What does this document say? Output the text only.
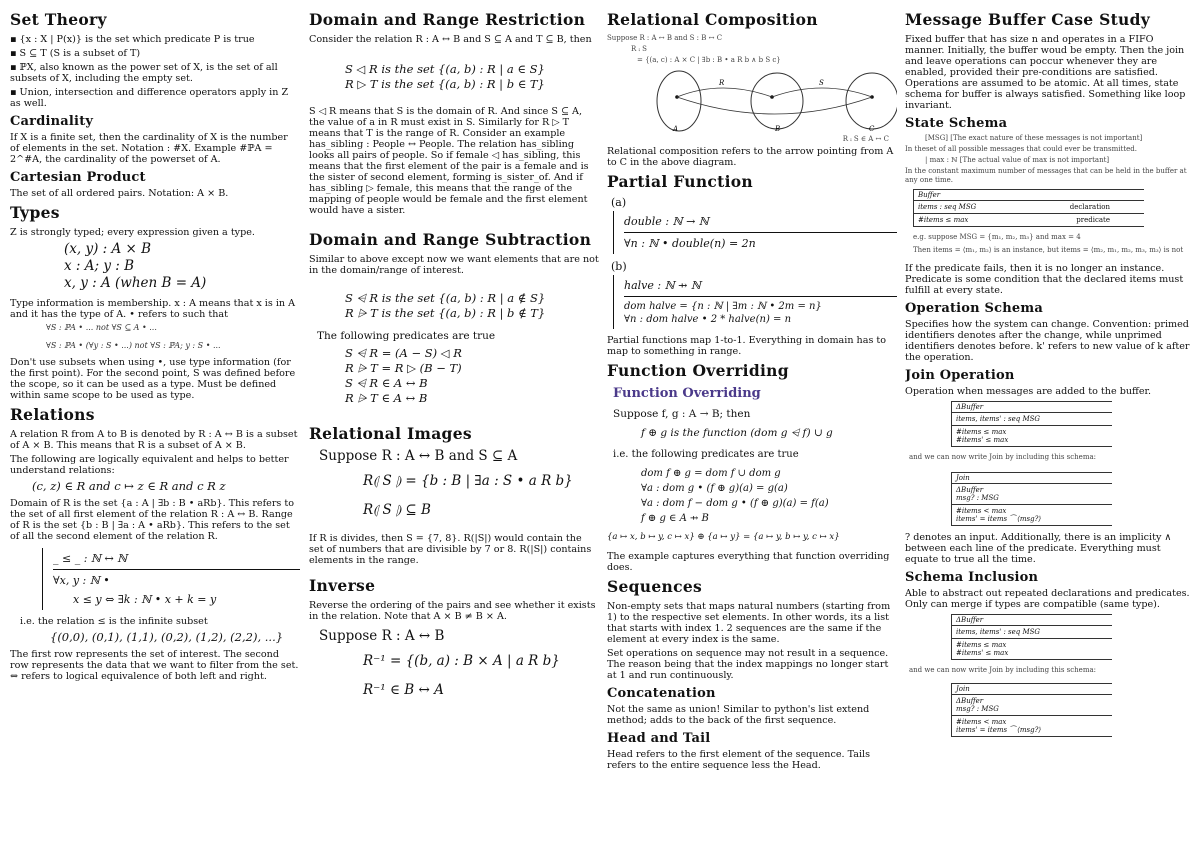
Set Theory

▪ {x : X | P(x)} is the set which predicate P is true

▪ S ⊆ T (S is a subset of T)

▪ ℙX, also known as the power set of X, is the set of all subsets of X, including the empty set.

▪ Union, intersection and difference operators apply in Z as well.

Cardinality

If X is a finite set, then the cardinality of X is the number of elements in the set. Notation : #X. Example #ℙA = 2^#A, the cardinality of the powerset of A.

Cartesian Product

The set of all ordered pairs. Notation: A × B.

Types

Z is strongly typed; every expression given a type.

(x, y) : A × B
x : A; y : B
x, y : A (when B = A)

Type information is membership. x : A means that x is in A and it has the type of A. • refers to such that

∀S : ℙA • ... not ∀S ⊆ A • ...
∀S : ℙA • (∀y : S • ...) not ∀S : ℙA; y : S • ...

Don't use subsets when using •, use type information (for the first point). For the second point, S was defined before the scope, so it can be used as a type. Must be defined within same scope to be used as type.

Relations

A relation R from A to B is denoted by R : A ↔ B is a subset of A × B. This means that R is a subset of A × B.

The following are logically equivalent and helps to better understand relations:

(c, z) ∈ R and c ↦ z ∈ R and c R z

Domain of R is the set {a : A | ∃b : B • aRb}. This refers to the set of all first element of the relation R : A ↔ B. Range of R is the set {b : B | ∃a : A • aRb}. This refers to the set of all the second element of the relation R.

_ ≤ _ : ℕ ↔ ℕ
∀x, y : ℕ •
x ≤ y ⇔ ∃k : ℕ • x + k = y

i.e. the relation ≤ is the infinite subset

{(0,0), (0,1), (1,1), (0,2), (1,2), (2,2), ...}

The first row represents the set of interest. The second row represents the data that we want to filter from the set. ⇔ refers to logical equivalence of both left and right.

Domain and Range Restriction

Consider the relation R : A ↔ B and S ⊆ A and T ⊆ B, then

S ◁ R is the set {(a, b) : R | a ∈ S}
R ▷ T is the set {(a, b) : R | b ∈ T}

S ◁ R means that S is the domain of R. And since S ⊆ A, the value of a in R must exist in S. Similarly for R ▷ T means that T is the range of R. Consider an example has_sibling : People ↔ People. The relation has_sibling looks all pairs of people. So if female ◁ has_sibling, this means that the first element of the pair is a female and is the sister of second element, forming is_sister_of. And if has_sibling ▷ female, this means that the range of the mapping of people would be female and the first element would have a sister.

Domain and Range Subtraction

Similar to above except now we want elements that are not in the domain/range of interest.

S ⩤ R is the set {(a, b) : R | a ∉ S}
R ⩥ T is the set {(a, b) : R | b ∉ T}

The following predicates are true

S ⩤ R = (A − S) ◁ R
R ⩥ T = R ▷ (B − T)
S ⩤ R ∈ A ↔ B
R ⩥ T ∈ A ↔ B
Relational Images
Suppose R : A ↔ B and S ⊆ A
R⦇ S ⦈ = {b : B | ∃a : S • a R b}
R⦇ S ⦈ ⊆ B

If R is divides, then S = {7, 8}. R(|S|) would contain the set of numbers that are divisible by 7 or 8. R(|S|) contains elements in the range.

Inverse

Reverse the ordering of the pairs and see whether it exists in the relation. Note that A × B ≠ B × A.

Suppose R : A ↔ B
R⁻¹ = {(b, a) : B × A | a R b}
R⁻¹ ∈ B ↔ A
Relational Composition
Suppose R : A ↔ B and S : B ↔ C
R ⨾ S
= {(a, c) : A × C | ∃b : B • a R b ∧ b S c}
R	S
A	B	C
R ⨾ S ∈ A ↔ C

Relational composition refers to the arrow pointing from A to C in the above diagram.

Partial Function
(a)
double : ℕ → ℕ
∀n : ℕ • double(n) = 2n
(b)
halve : ℕ ⇸ ℕ
dom halve = {n : ℕ | ∃m : ℕ • 2m = n}
∀n : dom halve • 2 * halve(n) = n

Partial functions map 1-to-1. Everything in domain has to map to something in range.

Function Overriding
Function Overriding
Suppose f, g : A → B; then
f ⊕ g is the function (dom g ⩤ f) ∪ g
i.e. the following predicates are true
dom f ⊕ g = dom f ∪ dom g
∀a : dom g • (f ⊕ g)(a) = g(a)
∀a : dom f − dom g • (f ⊕ g)(a) = f(a)
f ⊕ g ∈ A ⇸ B
{a ↦ x, b ↦ y, c ↦ x} ⊕ {a ↦ y} = {a ↦ y, b ↦ y, c ↦ x}

The example captures everything that function overriding does.

Sequences

Non-empty sets that maps natural numbers (starting from 1) to the respective set elements. In other words, its a list that starts with index 1. 2 sequences are the same if the element at every index is the same.

Set operations on sequence may not result in a sequence. The reason being that the index mappings no longer start at 1 and run continuously.

Concatenation

Not the same as union! Similar to python's list extend method; adds to the back of the first sequence.

Head and Tail

Head refers to the first element of the sequence. Tails refers to the entire sequence less the Head.

Message Buffer Case Study

Fixed buffer that has size n and operates in a FIFO manner. Initially, the buffer woud be empty. Then the join and leave operations can poccur whenever they are enabled, provided their pre-conditions are satisfied. Operations are assumed to be atomic. At all times, state schema for buffer is always satisfied. Something like loop invariant.

State Schema
[MSG] [The exact nature of these messages is not important]
In theset of all possible messages that could ever be transmitted.
| max : ℕ [The actual value of max is not important]
In the constant maximum number of messages that can be held in the buffer at any one time.
Buffer
items : seq MSG	declaration
#items ≤ max	predicate
e.g. suppose MSG = {m₁, m₂, m₃} and max = 4
Then items = ⟨m₁, m₂⟩ is an instance, but items = ⟨m₂, m₁, m₂, m₃, m₃⟩ is not

If the predicate fails, then it is no longer an instance. Predicate is some condition that the declared items must fulfill at every state.

Operation Schema

Specifies how the system can change. Convention: primed identifiers denotes after the change, while unprimed identifiers denotes before. k' refers to new value of k after the operation.

Join Operation

Operation when messages are added to the buffer.

ΔBuffer
items, items' : seq MSG
#items ≤ max
#items' ≤ max
and we can now write Join by including this schema:
Join
ΔBuffer
msg? : MSG
#items < max
items' = items ⁀ ⟨msg?⟩

? denotes an input. Additionally, there is an implicity ∧ between each line of the predicate. Everything must equate to true all the time.

Schema Inclusion

Able to abstract out repeated declarations and predicates. Only can merge if types are compatible (same type).

ΔBuffer
items, items' : seq MSG
#items ≤ max
#items' ≤ max
and we can now write Join by including this schema:
Join
ΔBuffer
msg? : MSG
#items < max
items' = items ⁀ ⟨msg?⟩
